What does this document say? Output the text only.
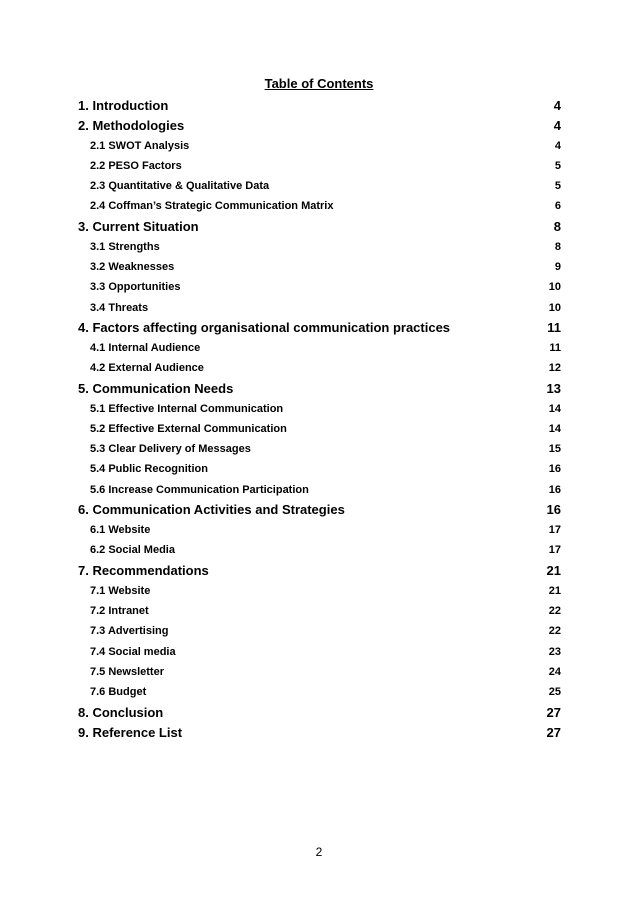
Table of Contents
1. Introduction	4
2. Methodologies	4
2.1 SWOT Analysis	4
2.2 PESO Factors	5
2.3 Quantitative & Qualitative Data	5
2.4 Coffman’s Strategic Communication Matrix	6
3. Current Situation	8
3.1 Strengths	8
3.2 Weaknesses	9
3.3 Opportunities	10
3.4 Threats	10
4. Factors affecting organisational communication practices	11
4.1 Internal Audience	11
4.2 External Audience	12
5. Communication Needs	13
5.1 Effective Internal Communication	14
5.2 Effective External Communication	14
5.3 Clear Delivery of Messages	15
5.4 Public Recognition	16
5.6 Increase Communication Participation	16
6. Communication Activities and Strategies	16
6.1 Website	17
6.2 Social Media	17
7. Recommendations	21
7.1 Website	21
7.2 Intranet	22
7.3 Advertising	22
7.4 Social media	23
7.5 Newsletter	24
7.6 Budget	25
8. Conclusion	27
9. Reference List	27
2
